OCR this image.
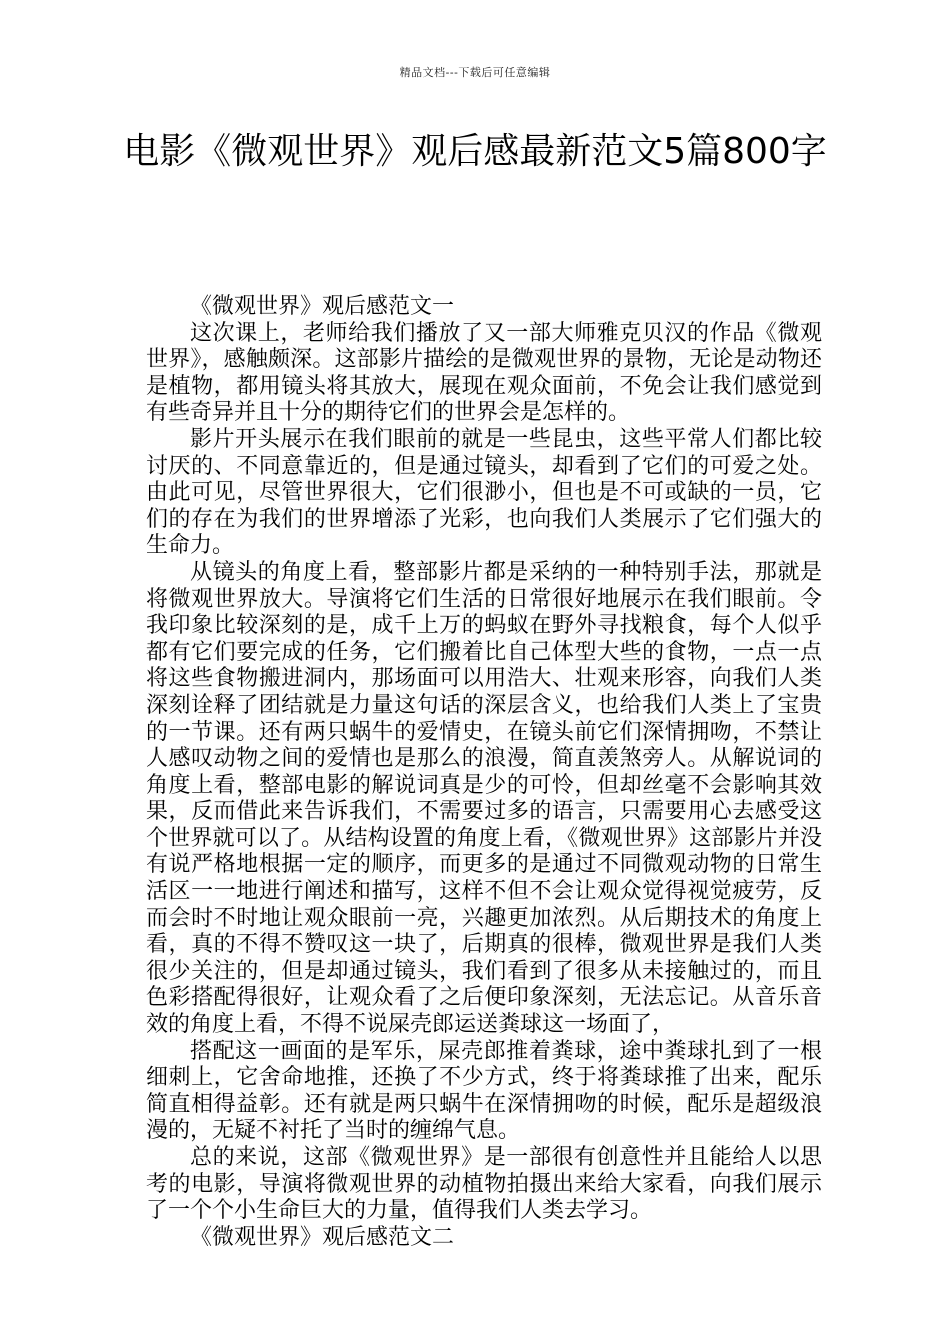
精品文档---下载后可任意编辑
电影《微观世界》观后感最新范文5篇800字

《微观世界》观后感范文一

这次课上，老师给我们播放了又一部大师雅克贝汉的作品《微观世界》，感触颇深。这部影片描绘的是微观世界的景物，无论是动物还是植物，都用镜头将其放大，展现在观众面前，不免会让我们感觉到有些奇异并且十分的期待它们的世界会是怎样的。

影片开头展示在我们眼前的就是一些昆虫，这些平常人们都比较讨厌的、不同意靠近的，但是通过镜头，却看到了它们的可爱之处。由此可见，尽管世界很大，它们很渺小，但也是不可或缺的一员，它们的存在为我们的世界增添了光彩，也向我们人类展示了它们强大的生命力。

从镜头的角度上看，整部影片都是采纳的一种特别手法，那就是将微观世界放大。导演将它们生活的日常很好地展示在我们眼前。令我印象比较深刻的是，成千上万的蚂蚁在野外寻找粮食，每个人似乎都有它们要完成的任务，它们搬着比自己体型大些的食物，一点一点将这些食物搬进洞内，那场面可以用浩大、壮观来形容，向我们人类深刻诠释了团结就是力量这句话的深层含义，也给我们人类上了宝贵的一节课。还有两只蜗牛的爱情史，在镜头前它们深情拥吻，不禁让人感叹动物之间的爱情也是那么的浪漫，简直羡煞旁人。从解说词的角度上看，整部电影的解说词真是少的可怜，但却丝毫不会影响其效果，反而借此来告诉我们，不需要过多的语言，只需要用心去感受这个世界就可以了。从结构设置的角度上看，《微观世界》这部影片并没有说严格地根据一定的顺序，而更多的是通过不同微观动物的日常生活区一一地进行阐述和描写，这样不但不会让观众觉得视觉疲劳，反而会时不时地让观众眼前一亮，兴趣更加浓烈。从后期技术的角度上看，真的不得不赞叹这一块了，后期真的很棒，微观世界是我们人类很少关注的，但是却通过镜头，我们看到了很多从未接触过的，而且色彩搭配得很好，让观众看了之后便印象深刻，无法忘记。从音乐音效的角度上看，不得不说屎壳郎运送粪球这一场面了，

搭配这一画面的是军乐，屎壳郎推着粪球，途中粪球扎到了一根细刺上，它舍命地推，还换了不少方式，终于将粪球推了出来，配乐简直相得益彰。还有就是两只蜗牛在深情拥吻的时候，配乐是超级浪漫的，无疑不衬托了当时的缠绵气息。

总的来说，这部《微观世界》是一部很有创意性并且能给人以思考的电影，导演将微观世界的动植物拍摄出来给大家看，向我们展示了一个个小生命巨大的力量，值得我们人类去学习。

《微观世界》观后感范文二
